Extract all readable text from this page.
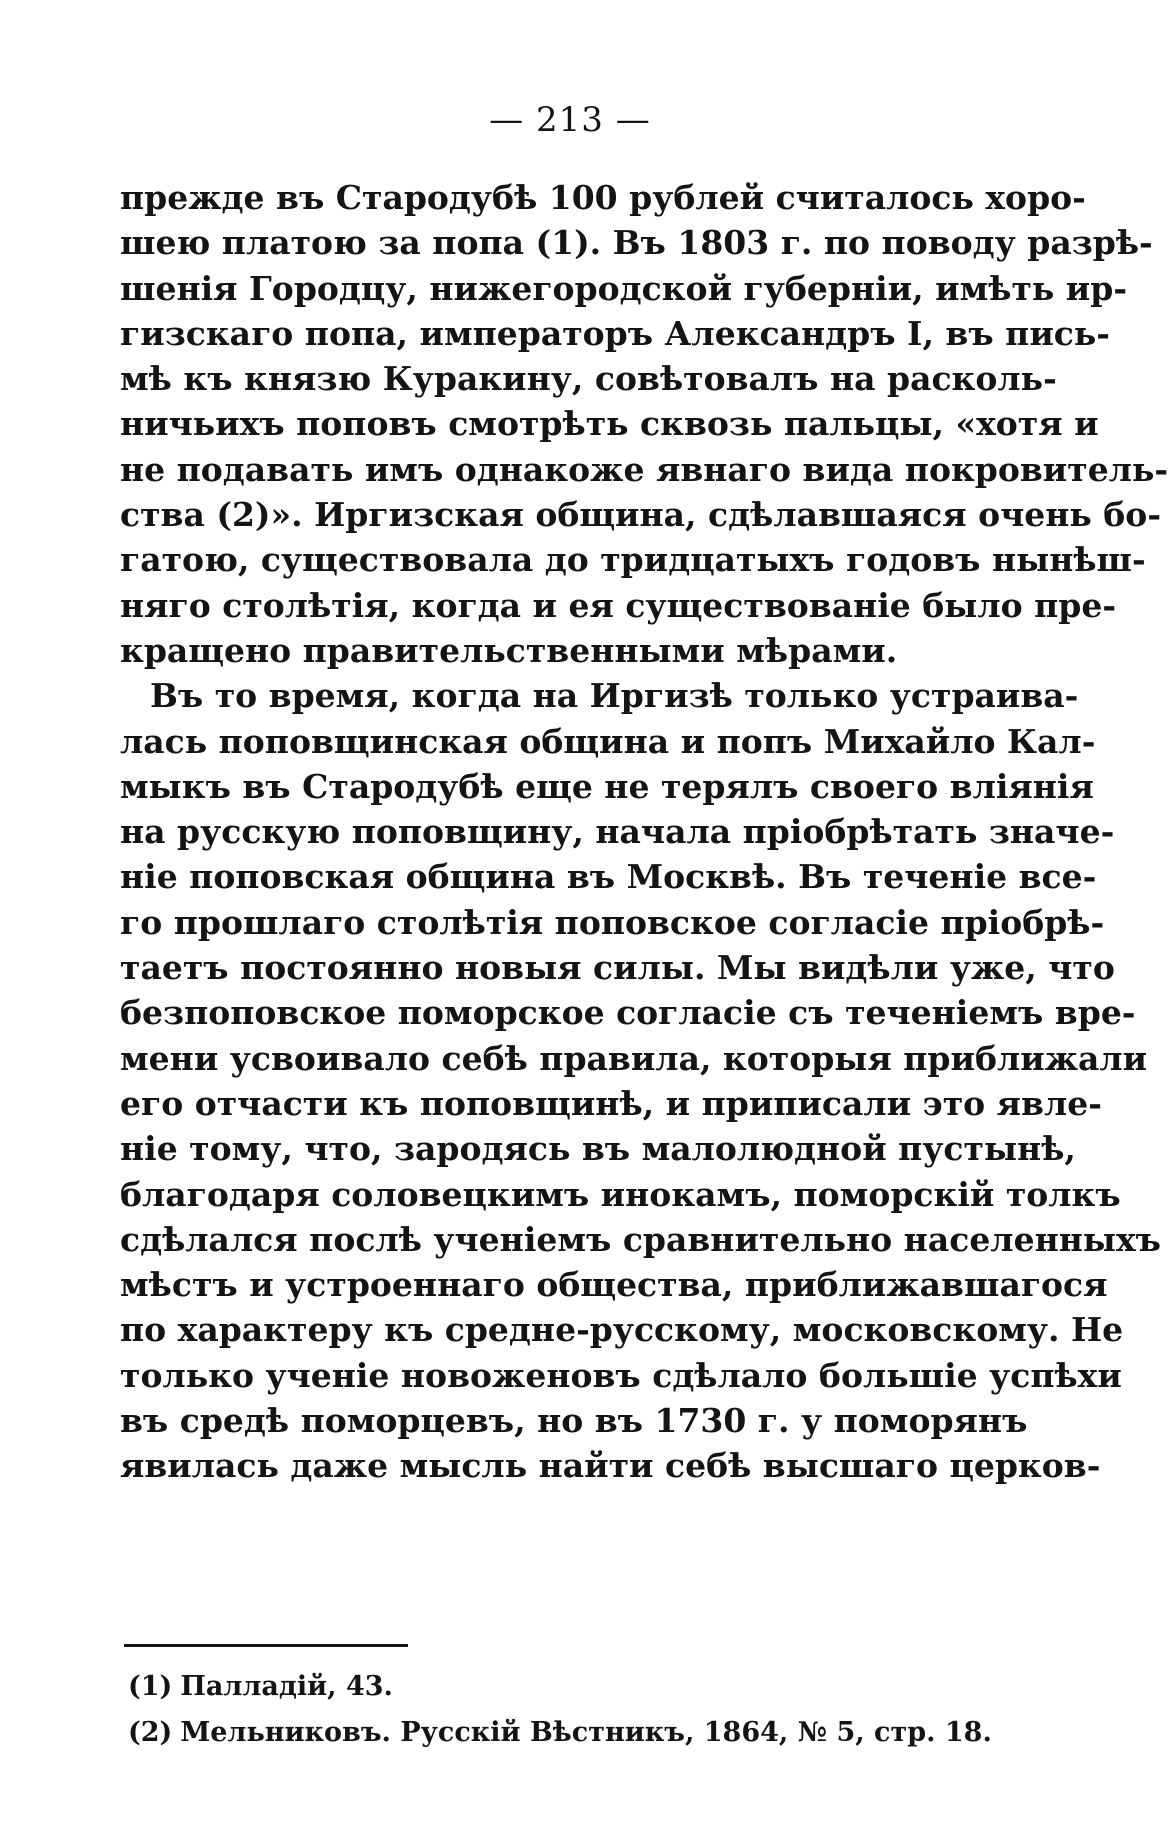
— 213 —
прежде въ Стародубѣ 100 рублей считалось хоро-
шею платою за попа (1). Въ 1803 г. по поводу разрѣ-
шенія Городцу, нижегородской губерніи, имѣть ир-
гизскаго попа, императоръ Александръ I, въ пись-
мѣ къ князю Куракину, совѣтовалъ на расколь-
ничьихъ поповъ смотрѣть сквозь пальцы, «хотя и
не подавать имъ однакоже явнаго вида покровитель-
ства (2)». Иргизская община, сдѣлавшаяся очень бо-
гатою, существовала до тридцатыхъ годовъ нынѣш-
няго столѣтія, когда и ея существованіе было пре-
кращено правительственными мѣрами.
Въ то время, когда на Иргизѣ только устраива-
лась поповщинская община и попъ Михайло Кал-
мыкъ въ Стародубѣ еще не терялъ своего вліянія
на русскую поповщину, начала пріобрѣтать значе-
ніе поповская община въ Москвѣ. Въ теченіе все-
го прошлаго столѣтія поповское согласіе пріобрѣ-
таетъ постоянно новыя силы. Мы видѣли уже, что
безпоповское поморское согласіе съ теченіемъ вре-
мени усвоивало себѣ правила, которыя приближали
его отчасти къ поповщинѣ, и приписали это явле-
ніе тому, что, зародясь въ малолюдной пустынѣ,
благодаря соловецкимъ инокамъ, поморскій толкъ
сдѣлался послѣ ученіемъ сравнительно населенныхъ
мѣстъ и устроеннаго общества, приближавшагося
по характеру къ средне-русскому, московскому. Не
только ученіе новоженовъ сдѣлало большіе успѣхи
въ средѣ поморцевъ, но въ 1730 г. у поморянъ
явилась даже мысль найти себѣ высшаго церков-
(1) Палладій, 43.
(2) Мельниковъ. Русскій Вѣстникъ, 1864, № 5, стр. 18.
